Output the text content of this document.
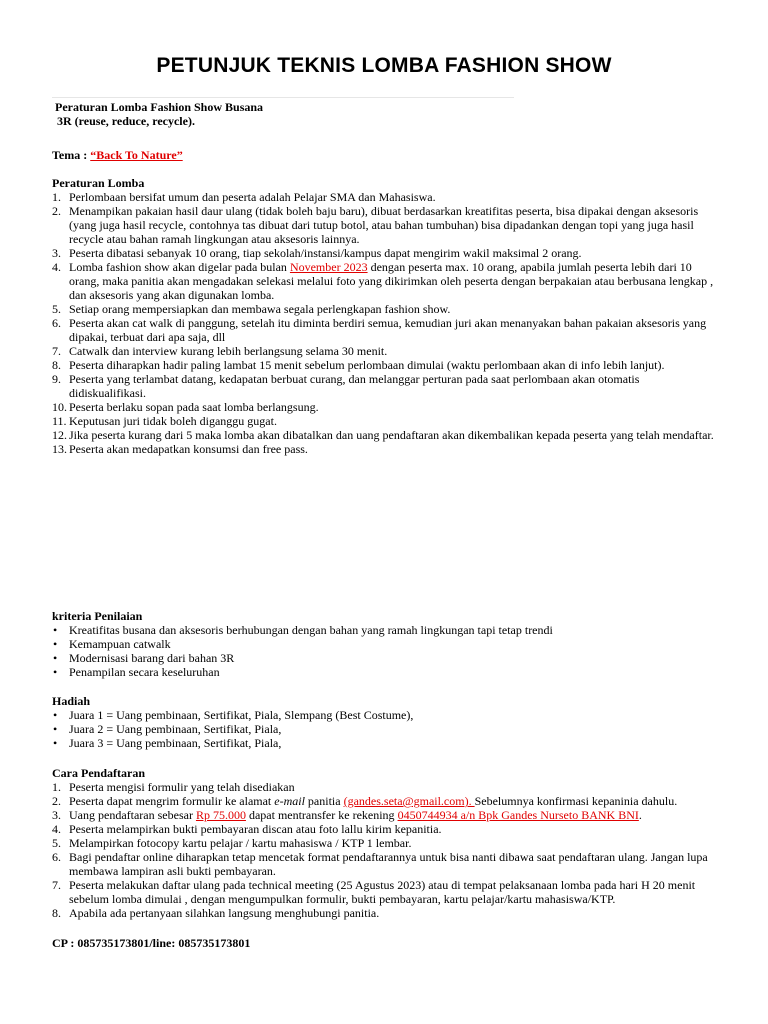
PETUNJUK TEKNIS LOMBA FASHION SHOW
Peraturan Lomba Fashion Show Busana
3R (reuse, reduce, recycle).
Tema : “Back To Nature”
Peraturan Lomba
1. Perlombaan bersifat umum dan peserta adalah Pelajar SMA dan Mahasiswa.
2. Menampikan pakaian hasil daur ulang (tidak boleh baju baru), dibuat berdasarkan kreatifitas peserta, bisa dipakai dengan aksesoris (yang juga hasil recycle, contohnya tas dibuat dari tutup botol, atau bahan tumbuhan) bisa dipadankan dengan topi yang juga hasil recycle atau bahan ramah lingkungan atau aksesoris lainnya.
3. Peserta dibatasi sebanyak 10 orang, tiap sekolah/instansi/kampus dapat mengirim wakil maksimal 2 orang.
4. Lomba fashion show akan digelar pada bulan November 2023 dengan peserta max. 10 orang, apabila jumlah peserta lebih dari 10 orang, maka panitia akan mengadakan selekasi melalui foto yang dikirimkan oleh peserta dengan berpakaian atau berbusana lengkap , dan aksesoris yang akan digunakan lomba.
5. Setiap orang mempersiapkan dan membawa segala perlengkapan fashion show.
6. Peserta akan cat walk di panggung, setelah itu diminta berdiri semua, kemudian juri akan menanyakan bahan pakaian aksesoris yang dipakai, terbuat dari apa saja, dll
7. Catwalk dan interview kurang lebih berlangsung selama 30 menit.
8. Peserta diharapkan hadir paling lambat 15 menit sebelum perlombaan dimulai (waktu perlombaan akan di info lebih lanjut).
9. Peserta yang terlambat datang, kedapatan berbuat curang, dan melanggar perturan pada saat perlombaan akan otomatis didiskualifikasi.
10. Peserta berlaku sopan pada saat lomba berlangsung.
11. Keputusan juri tidak boleh diganggu gugat.
12. Jika peserta kurang dari 5 maka lomba akan dibatalkan dan uang pendaftaran akan dikembalikan kepada peserta yang telah mendaftar.
13. Peserta akan medapatkan konsumsi dan free pass.
kriteria Penilaian
• Kreatifitas busana dan aksesoris berhubungan dengan bahan yang ramah lingkungan tapi tetap trendi
• Kemampuan catwalk
• Modernisasi barang dari bahan 3R
• Penampilan secara keseluruhan
Hadiah
• Juara 1 = Uang pembinaan, Sertifikat, Piala, Slempang (Best Costume),
• Juara 2 = Uang pembinaan, Sertifikat, Piala,
• Juara 3 = Uang pembinaan, Sertifikat, Piala,
Cara Pendaftaran
1. Peserta mengisi formulir yang telah disediakan
2. Peserta dapat mengrim formulir ke alamat e-mail panitia (gandes.seta@gmail.com). Sebelumnya konfirmasi kepaninia dahulu.
3. Uang pendaftaran sebesar Rp 75.000 dapat mentransfer ke rekening 0450744934 a/n Bpk Gandes Nurseto BANK BNI.
4. Peserta melampirkan bukti pembayaran discan atau foto lallu kirim kepanitia.
5. Melampirkan fotocopy kartu pelajar / kartu mahasiswa / KTP 1 lembar.
6. Bagi pendaftar online diharapkan tetap mencetak format pendaftarannya untuk bisa nanti dibawa saat pendaftaran ulang. Jangan lupa membawa lampiran asli bukti pembayaran.
7. Peserta melakukan daftar ulang pada technical meeting (25 Agustus 2023) atau di tempat pelaksanaan lomba pada hari H 20 menit sebelum lomba dimulai , dengan mengumpulkan formulir, bukti pembayaran, kartu pelajar/kartu mahasiswa/KTP.
8. Apabila ada pertanyaan silahkan langsung menghubungi panitia.
CP : 085735173801/line: 085735173801
